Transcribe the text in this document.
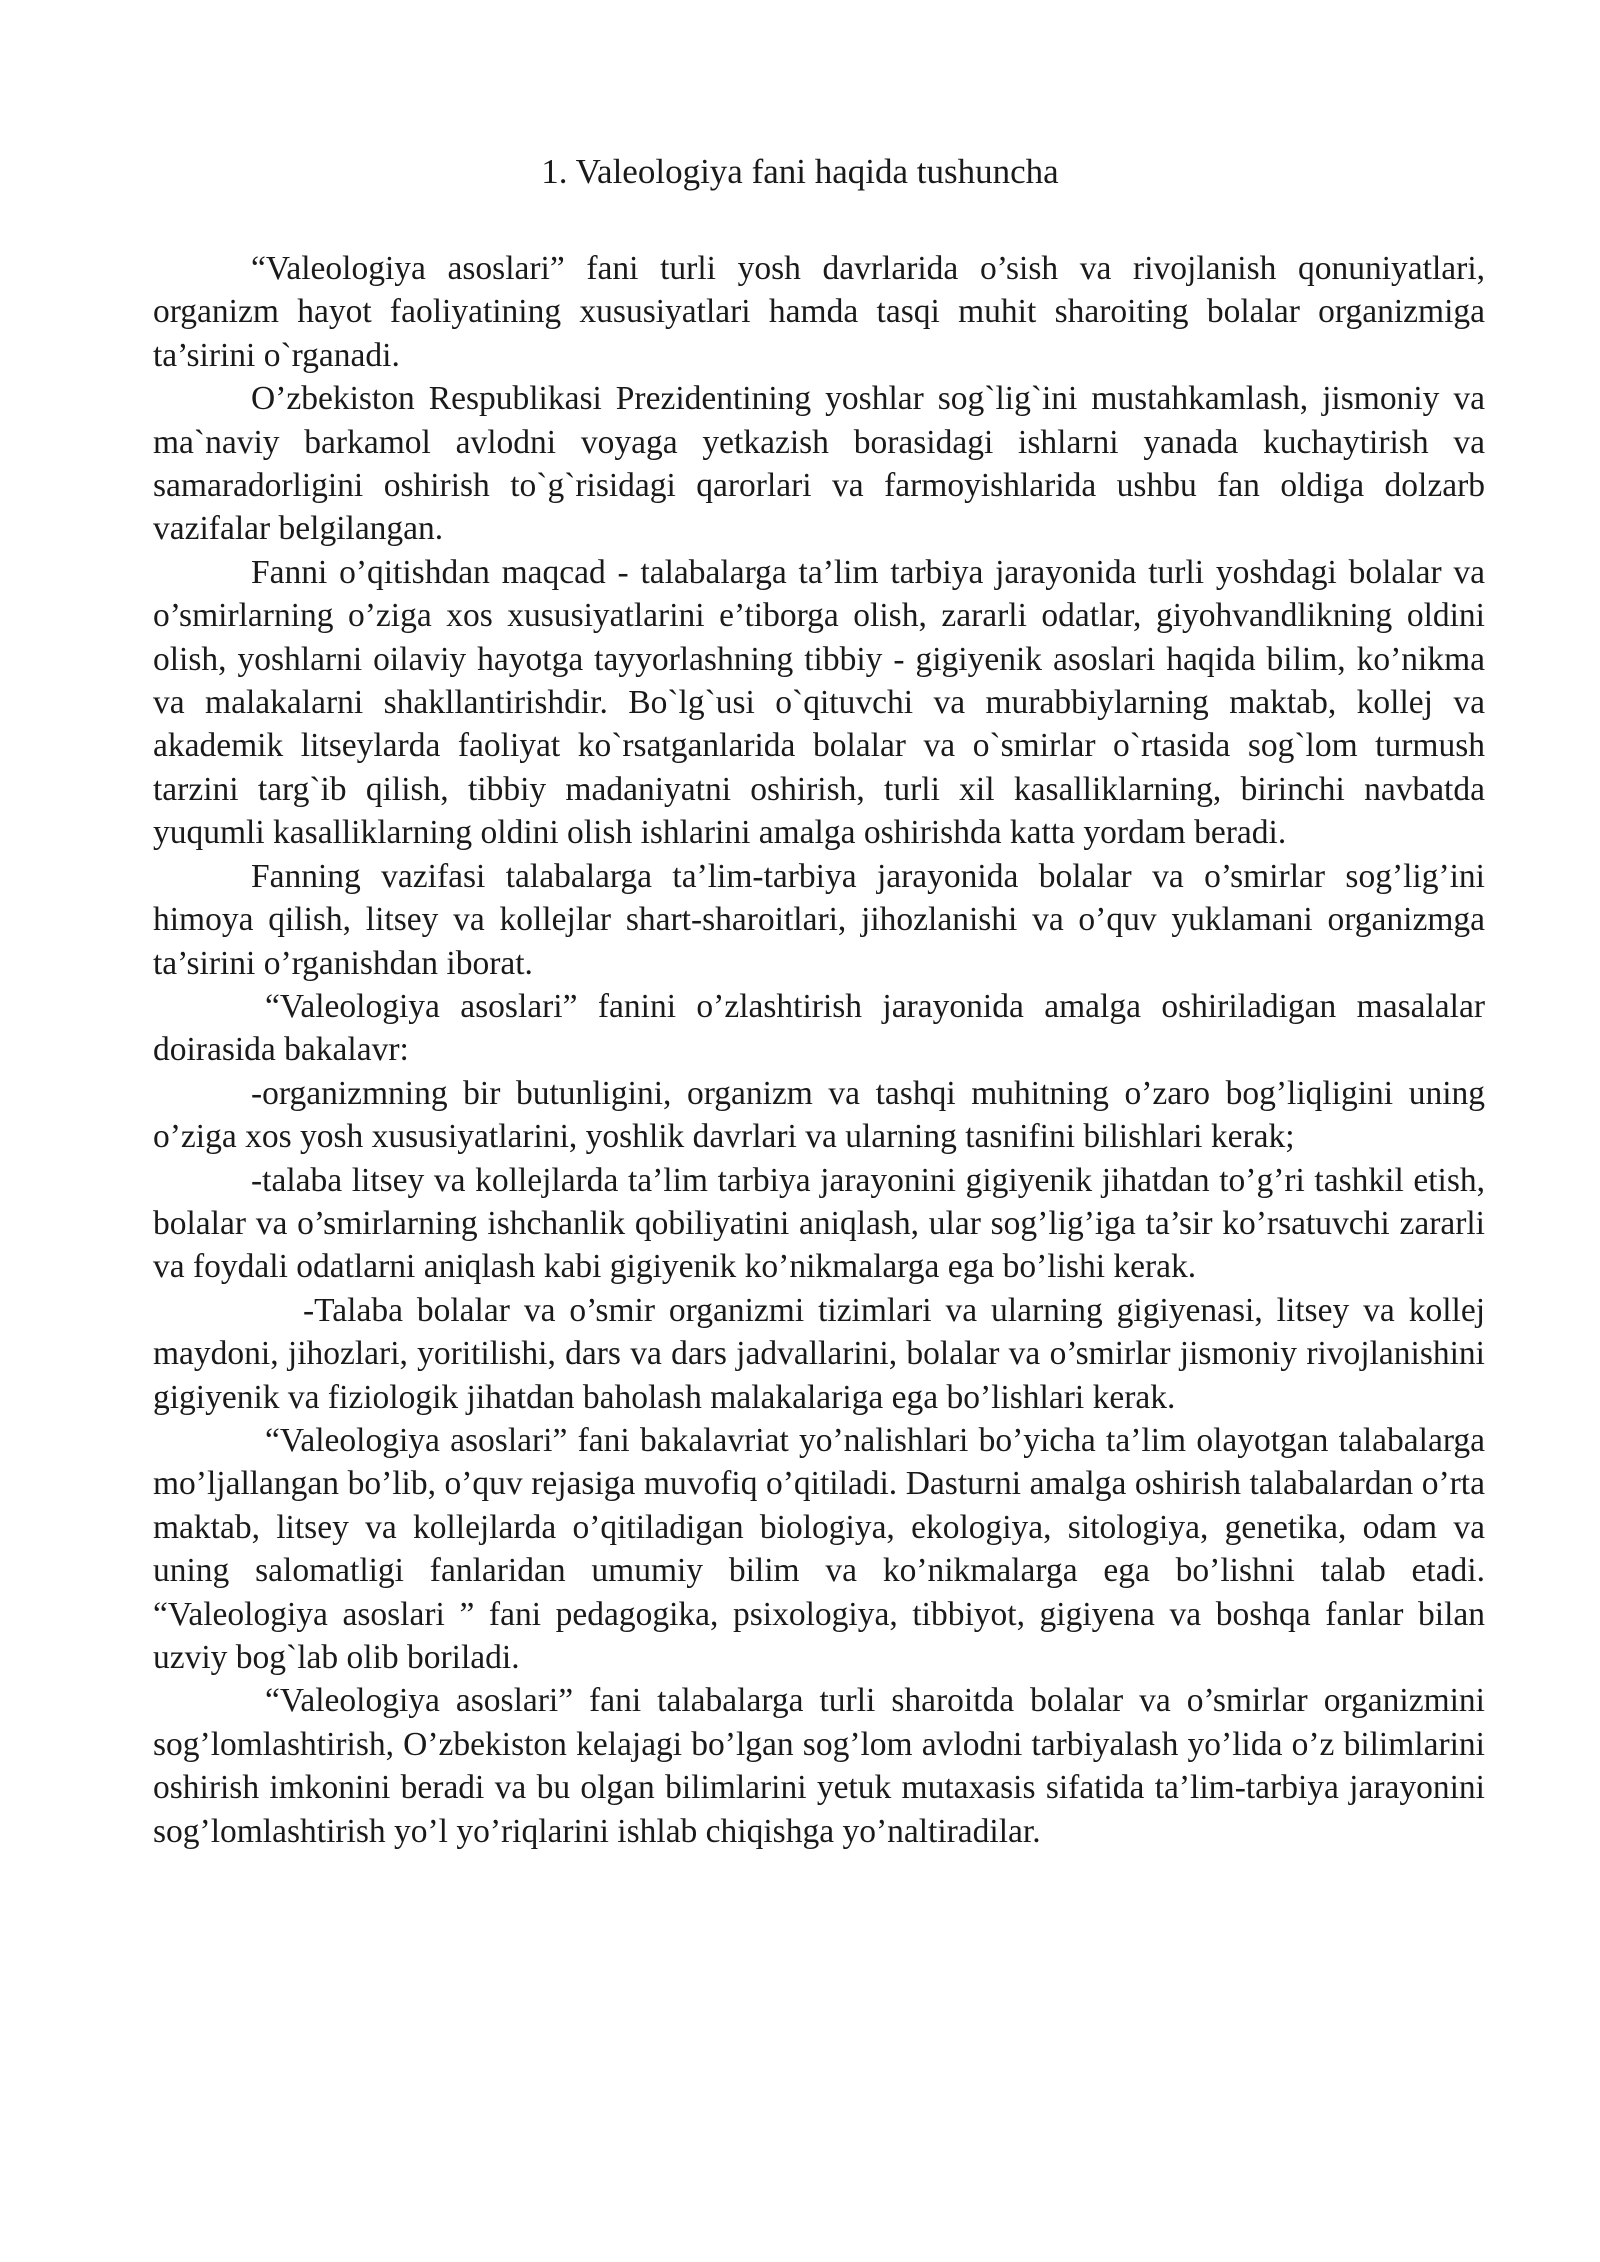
1. Valeologiya fani haqida tushuncha

“Valeologiya asoslari” fani turli yosh davrlarida o’sish va rivojlanish qonuniyatlari, organizm hayot faoliyatining xususiyatlari hamda tasqi muhit sharoiting bolalar organizmiga ta’sirini o`rganadi.

O’zbekiston Respublikasi Prezidentining yoshlar sog`lig`ini mustahkamlash, jismoniy va ma`naviy barkamol avlodni voyaga yetkazish borasidagi ishlarni yanada kuchaytirish va samaradorligini oshirish to`g`risidagi qarorlari va farmoyishlarida ushbu fan oldiga dolzarb vazifalar belgilangan.

Fanni o’qitishdan maqcad - talabalarga ta’lim tarbiya jarayonida turli yoshdagi bolalar va o’smirlarning o’ziga xos xususiyatlarini e’tiborga olish, zararli odatlar, giyohvandlikning oldini olish, yoshlarni oilaviy hayotga tayyorlashning tibbiy - gigiyenik asoslari haqida bilim, ko’nikma va malakalarni shakllantirishdir. Bo`lg`usi o`qituvchi va murabbiylarning maktab, kollej va akademik litseylarda faoliyat ko`rsatganlarida bolalar va o`smirlar o`rtasida sog`lom turmush tarzini targ`ib qilish, tibbiy madaniyatni oshirish, turli xil kasalliklarning, birinchi navbatda yuqumli kasalliklarning oldini olish ishlarini amalga oshirishda katta yordam beradi.

Fanning vazifasi talabalarga ta’lim-tarbiya jarayonida bolalar va o’smirlar sog’lig’ini himoya qilish, litsey va kollejlar shart-sharoitlari, jihozlanishi va o’quv yuklamani organizmga ta’sirini o’rganishdan iborat.

“Valeologiya asoslari” fanini o’zlashtirish jarayonida amalga oshiriladigan masalalar doirasida bakalavr:

-organizmning bir butunligini, organizm va tashqi muhitning o’zaro bog’liqligini uning o’ziga xos yosh xususiyatlarini, yoshlik davrlari va ularning tasnifini bilishlari kerak;

-talaba litsey va kollejlarda ta’lim tarbiya jarayonini gigiyenik jihatdan to’g’ri tashkil etish, bolalar va o’smirlarning ishchanlik qobiliyatini aniqlash, ular sog’lig’iga ta’sir ko’rsatuvchi zararli va foydali odatlarni aniqlash kabi gigiyenik ko’nikmalarga ega bo’lishi kerak.

-Talaba bolalar va o’smir organizmi tizimlari va ularning gigiyenasi, litsey va kollej maydoni, jihozlari, yoritilishi, dars va dars jadvallarini, bolalar va o’smirlar jismoniy rivojlanishini gigiyenik va fiziologik jihatdan baholash malakalariga ega bo’lishlari kerak.

“Valeologiya asoslari” fani bakalavriat yo’nalishlari bo’yicha ta’lim olayotgan talabalarga mo’ljallangan bo’lib, o’quv rejasiga muvofiq o’qitiladi. Dasturni amalga oshirish talabalardan o’rta maktab, litsey va kollejlarda o’qitiladigan biologiya, ekologiya, sitologiya, genetika, odam va uning salomatligi fanlaridan umumiy bilim va ko’nikmalarga ega bo’lishni talab etadi. “Valeologiya asoslari ” fani pedagogika, psixologiya, tibbiyot, gigiyena va boshqa fanlar bilan uzviy bog`lab olib boriladi.

“Valeologiya asoslari” fani talabalarga turli sharoitda bolalar va o’smirlar organizmini sog’lomlashtirish, O’zbekiston kelajagi bo’lgan sog’lom avlodni tarbiyalash yo’lida o’z bilimlarini oshirish imkonini beradi va bu olgan bilimlarini yetuk mutaxasis sifatida ta’lim-tarbiya jarayonini sog’lomlashtirish yo’l yo’riqlarini ishlab chiqishga yo’naltiradilar.
